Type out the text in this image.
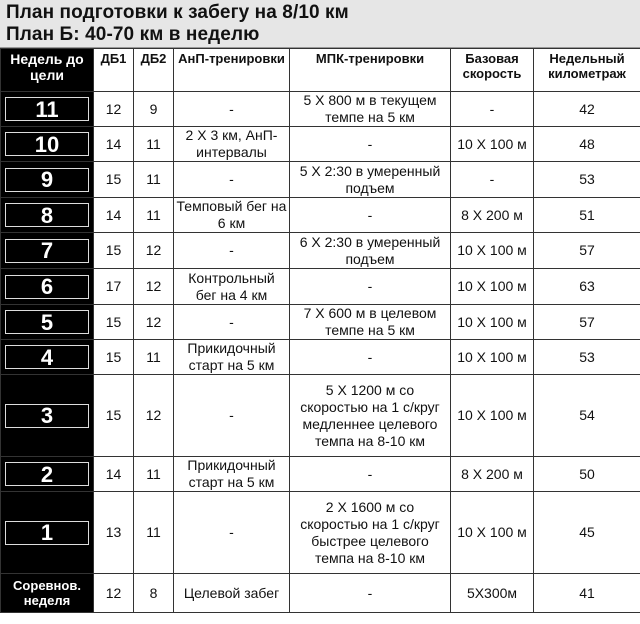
План подготовки к забегу на 8/10 км
План Б: 40-70 км в неделю
Недель до цели	ДБ1	ДБ2	АнП-тренировки	МПК-тренировки	Базовая скорость	Недельный километраж

11	12	9	-	5 X 800 м в текущем темпе на 5 км	-	42

10	14	11	2 X 3 км, АнП-интервалы	-	10 X 100 м	48

9	15	11	-	5 X 2:30 в умеренный подъем	-	53

8	14	11	Темповый бег на 6 км	-	8 X 200 м	51

7	15	12	-	6 X 2:30 в умеренный подъем	10 X 100 м	57

6	17	12	Контрольный бег на 4 км	-	10 X 100 м	63

5	15	12	-	7 X 600 м в целевом темпе на 5 км	10 X 100 м	57

4	15	11	Прикидочный старт на 5 км	-	10 X 100 м	53

3	15	12	-	5 X 1200 м со скоростью на 1 с/круг медленнее целевого темпа на 8-10 км	10 X 100 м	54

2	14	11	Прикидочный старт на 5 км	-	8 X 200 м	50

1	13	11	-	2 X 1600 м со скоростью на 1 с/круг быстрее целевого темпа на 8-10 км	10 X 100 м	45

Соревнов. неделя	12	8	Целевой забег	-	5Х300м	41
